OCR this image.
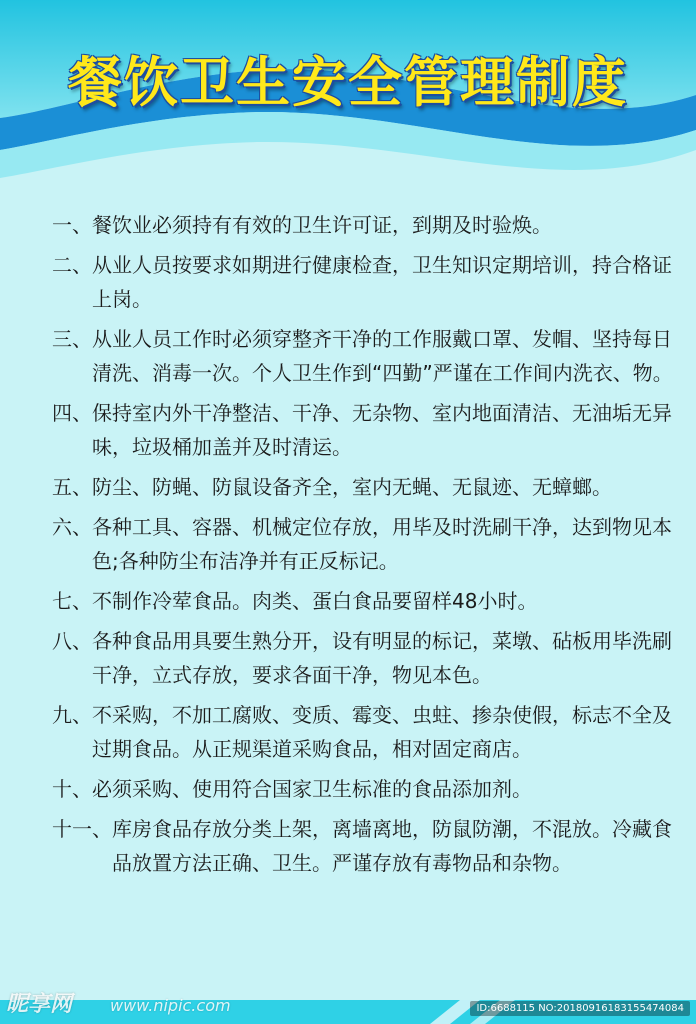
餐饮卫生安全管理制度
一、 餐饮业必须持有有效的卫生许可证，到期及时验焕。
二、 从业人员按要求如期进行健康检查，卫生知识定期培训，持合格证上岗。
三、 从业人员工作时必须穿整齐干净的工作服戴口罩、发帽、坚持每日清洗、消毒一次。个人卫生作到“四勤”严谨在工作间内洗衣、物。
四、 保持室内外干净整洁、干净、无杂物、室内地面清洁、无油垢无异味，垃圾桶加盖并及时清运。
五、 防尘、防蝇、防鼠设备齐全，室内无蝇、无鼠迹、无蟑螂。
六、 各种工具、容器、机械定位存放，用毕及时洗刷干净，达到物见本色;各种防尘布洁净并有正反标记。
七、 不制作冷荤食品。肉类、蛋白食品要留样48小时。
八、 各种食品用具要生熟分开，设有明显的标记，菜墩、砧板用毕洗刷干净，立式存放，要求各面干净，物见本色。
九、 不采购，不加工腐败、变质、霉变、虫蛀、掺杂使假，标志不全及过期食品。从正规渠道采购食品，相对固定商店。
十、 必须采购、使用符合国家卫生标准的食品添加剂。
十一、 库房食品存放分类上架，离墙离地，防鼠防潮，不混放。冷藏食品放置方法正确、卫生。严谨存放有毒物品和杂物。
昵享网 www.nipic.com	ID:6688115 NO:20180916183155474084
